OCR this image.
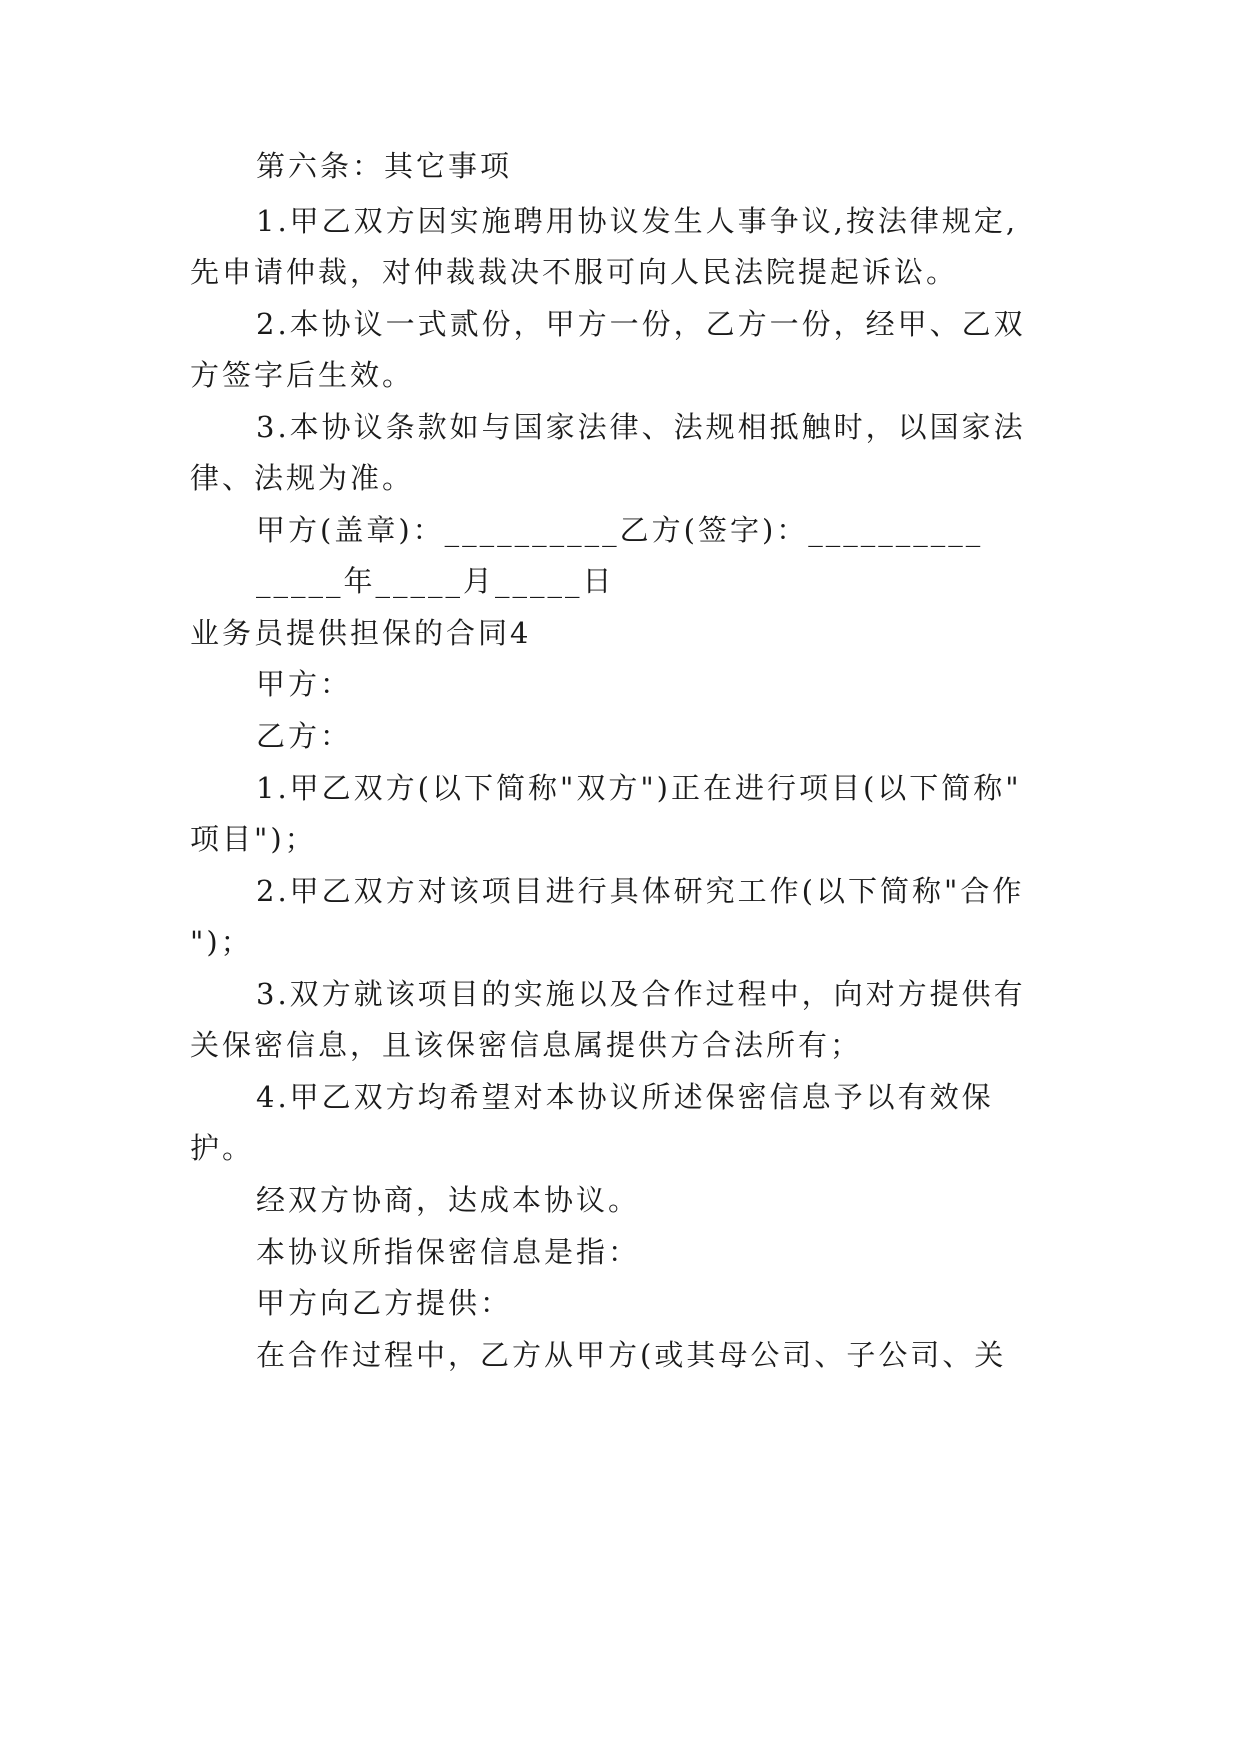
第六条：其它事项
1.甲乙双方因实施聘用协议发生人事争议,按法律规定,
先申请仲裁，对仲裁裁决不服可向人民法院提起诉讼。
2.本协议一式贰份，甲方一份，乙方一份，经甲、乙双
方签字后生效。
3.本协议条款如与国家法律、法规相抵触时，以国家法
律、法规为准。
甲方(盖章)：__________乙方(签字)：__________
_____年_____月_____日
业务员提供担保的合同4
甲方：
乙方：
1.甲乙双方(以下简称"双方")正在进行项目(以下简称"
项目")；
2.甲乙双方对该项目进行具体研究工作(以下简称"合作
")；
3.双方就该项目的实施以及合作过程中，向对方提供有
关保密信息，且该保密信息属提供方合法所有；
4.甲乙双方均希望对本协议所述保密信息予以有效保
护。
经双方协商，达成本协议。
本协议所指保密信息是指：
甲方向乙方提供：
在合作过程中，乙方从甲方(或其母公司、子公司、关
